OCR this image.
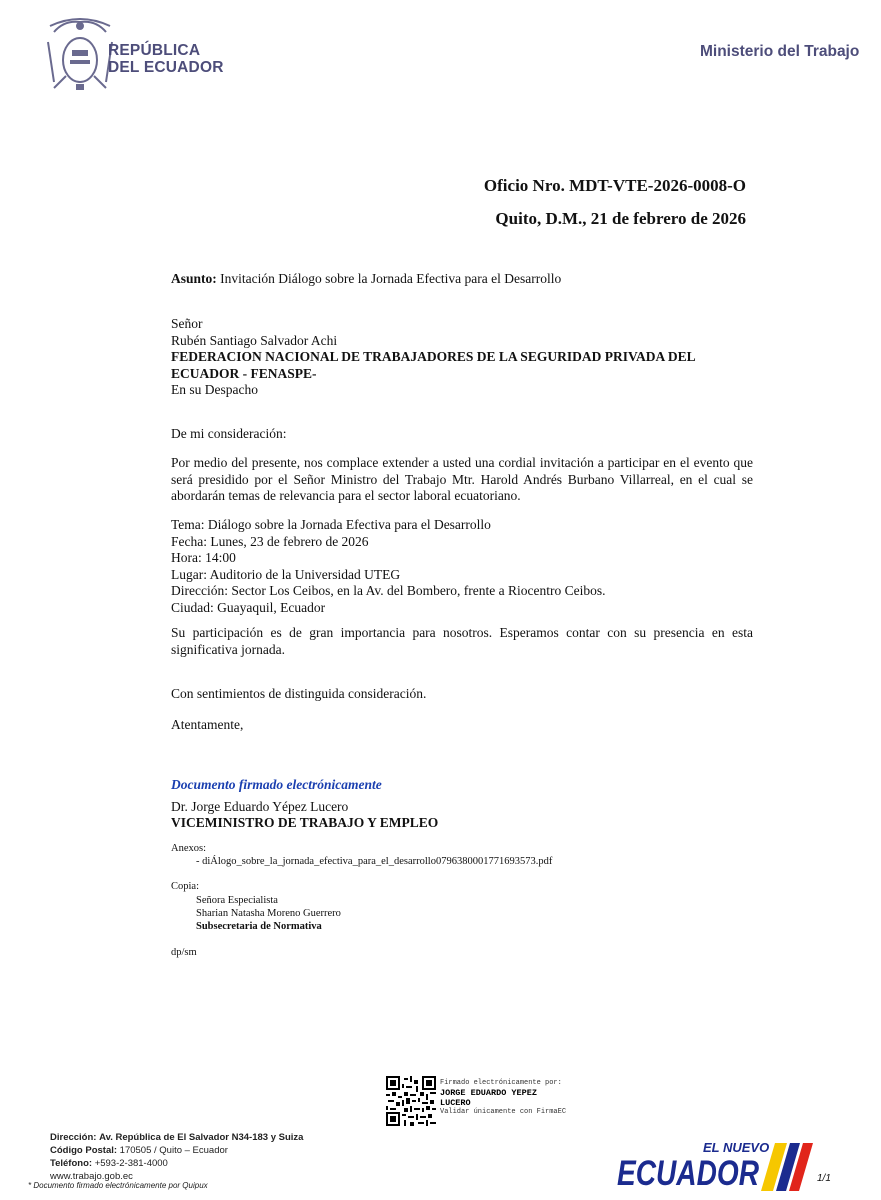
REPÚBLICA
DEL ECUADOR
Ministerio del Trabajo
Oficio Nro. MDT-VTE-2026-0008-O
Quito, D.M., 21 de febrero de 2026
Asunto: Invitación Diálogo sobre la Jornada Efectiva para el Desarrollo
Señor
Rubén Santiago Salvador Achi
FEDERACION NACIONAL DE TRABAJADORES DE LA SEGURIDAD PRIVADA DEL ECUADOR - FENASPE-
En su Despacho
De mi consideración:
Por medio del presente, nos complace extender a usted una cordial invitación a participar en el evento que será presidido por el Señor Ministro del Trabajo Mtr. Harold Andrés Burbano Villarreal, en el cual se abordarán temas de relevancia para el sector laboral ecuatoriano.
Tema: Diálogo sobre la Jornada Efectiva para el Desarrollo
Fecha: Lunes, 23 de febrero de 2026
Hora: 14:00
Lugar: Auditorio de la Universidad UTEG
Dirección: Sector Los Ceibos, en la Av. del Bombero, frente a Riocentro Ceibos.
Ciudad: Guayaquil, Ecuador
Su participación es de gran importancia para nosotros. Esperamos contar con su presencia en esta significativa jornada.
Con sentimientos de distinguida consideración.
Atentamente,
Documento firmado electrónicamente
Dr. Jorge Eduardo Yépez Lucero
VICEMINISTRO DE TRABAJO Y EMPLEO
Anexos:
- diÁlogo_sobre_la_jornada_efectiva_para_el_desarrollo0796380001771693573.pdf
Copia:
Señora Especialista
Sharian Natasha Moreno Guerrero
Subsecretaria de Normativa
dp/sm
Firmado electrónicamente por:
JORGE EDUARDO YEPEZ
LUCERO
Validar únicamente con FirmaEC
Dirección: Av. República de El Salvador N34-183 y Suiza
Código Postal: 170505 / Quito – Ecuador
Teléfono: +593-2-381-4000
www.trabajo.gob.ec
* Documento firmado electrónicamente por Quipux
EL NUEVO
ECUADOR	1/1
